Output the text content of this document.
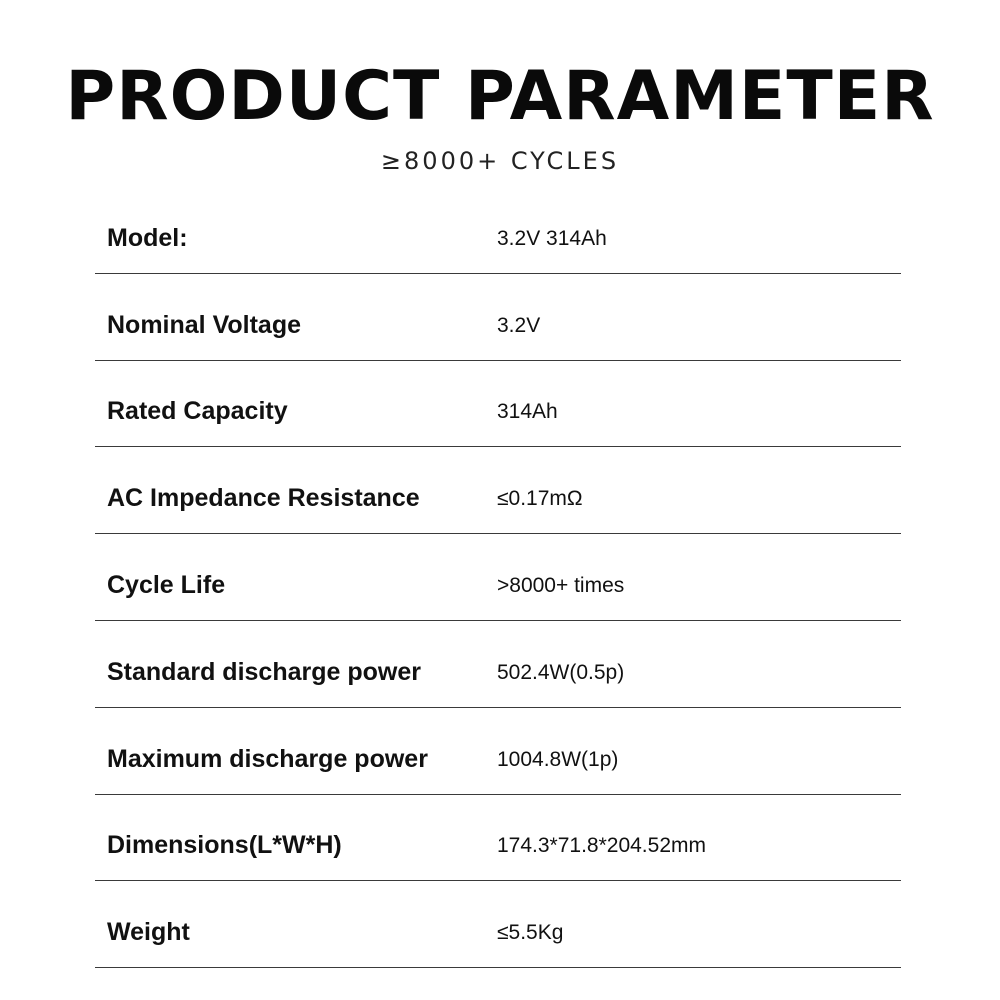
PRODUCT PARAMETER
≥8000+ CYCLES
Model:	3.2V 314Ah
Nominal Voltage	3.2V
Rated Capacity	314Ah
AC Impedance Resistance	≤0.17mΩ
Cycle Life	>8000+ times
Standard discharge power	502.4W(0.5p)
Maximum discharge power	1004.8W(1p)
Dimensions(L*W*H)	174.3*71.8*204.52mm
Weight	≤5.5Kg
